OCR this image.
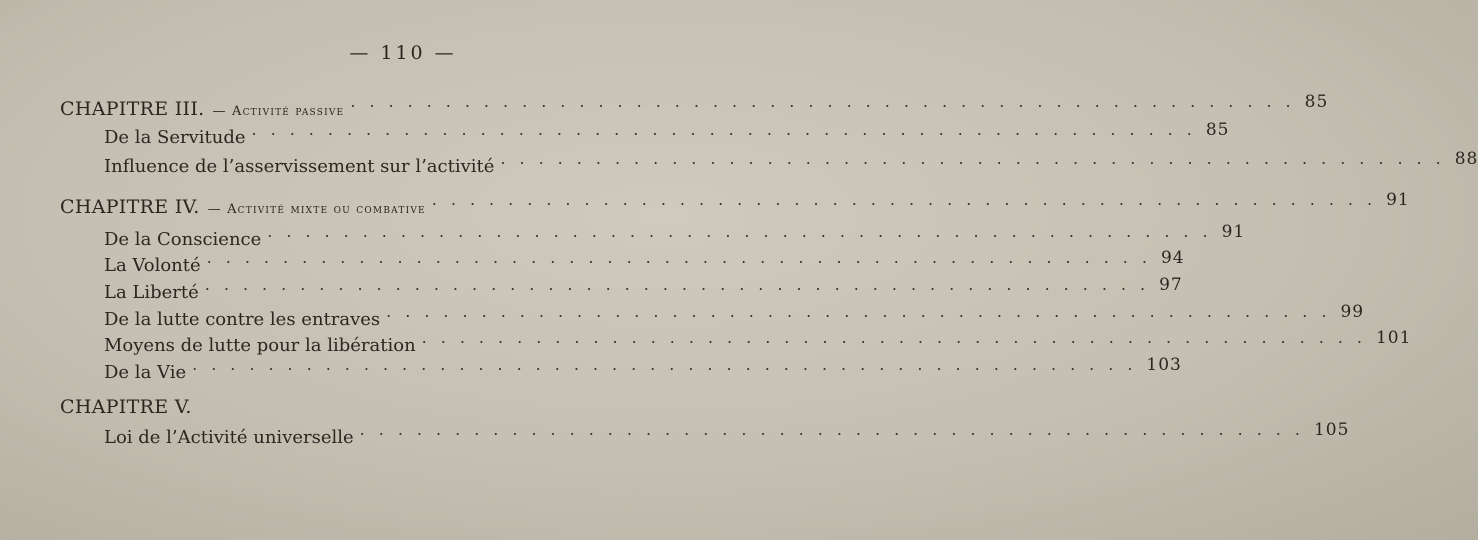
— 110 —
CHAPITRE III. — Activité passive
.................................................. 85
De la Servitude .................................................. 85
Influence de l’asservissement sur l’activité .................................................. 88
CHAPITRE IV. — Activité mixte ou combative
.................................................. 91
De la Conscience .................................................. 91
La Volonté .................................................. 94
La Liberté .................................................. 97
De la lutte contre les entraves .................................................. 99
Moyens de lutte pour la libération .................................................. 101
De la Vie .................................................. 103
CHAPITRE V.
Loi de l’Activité universelle .................................................. 105
